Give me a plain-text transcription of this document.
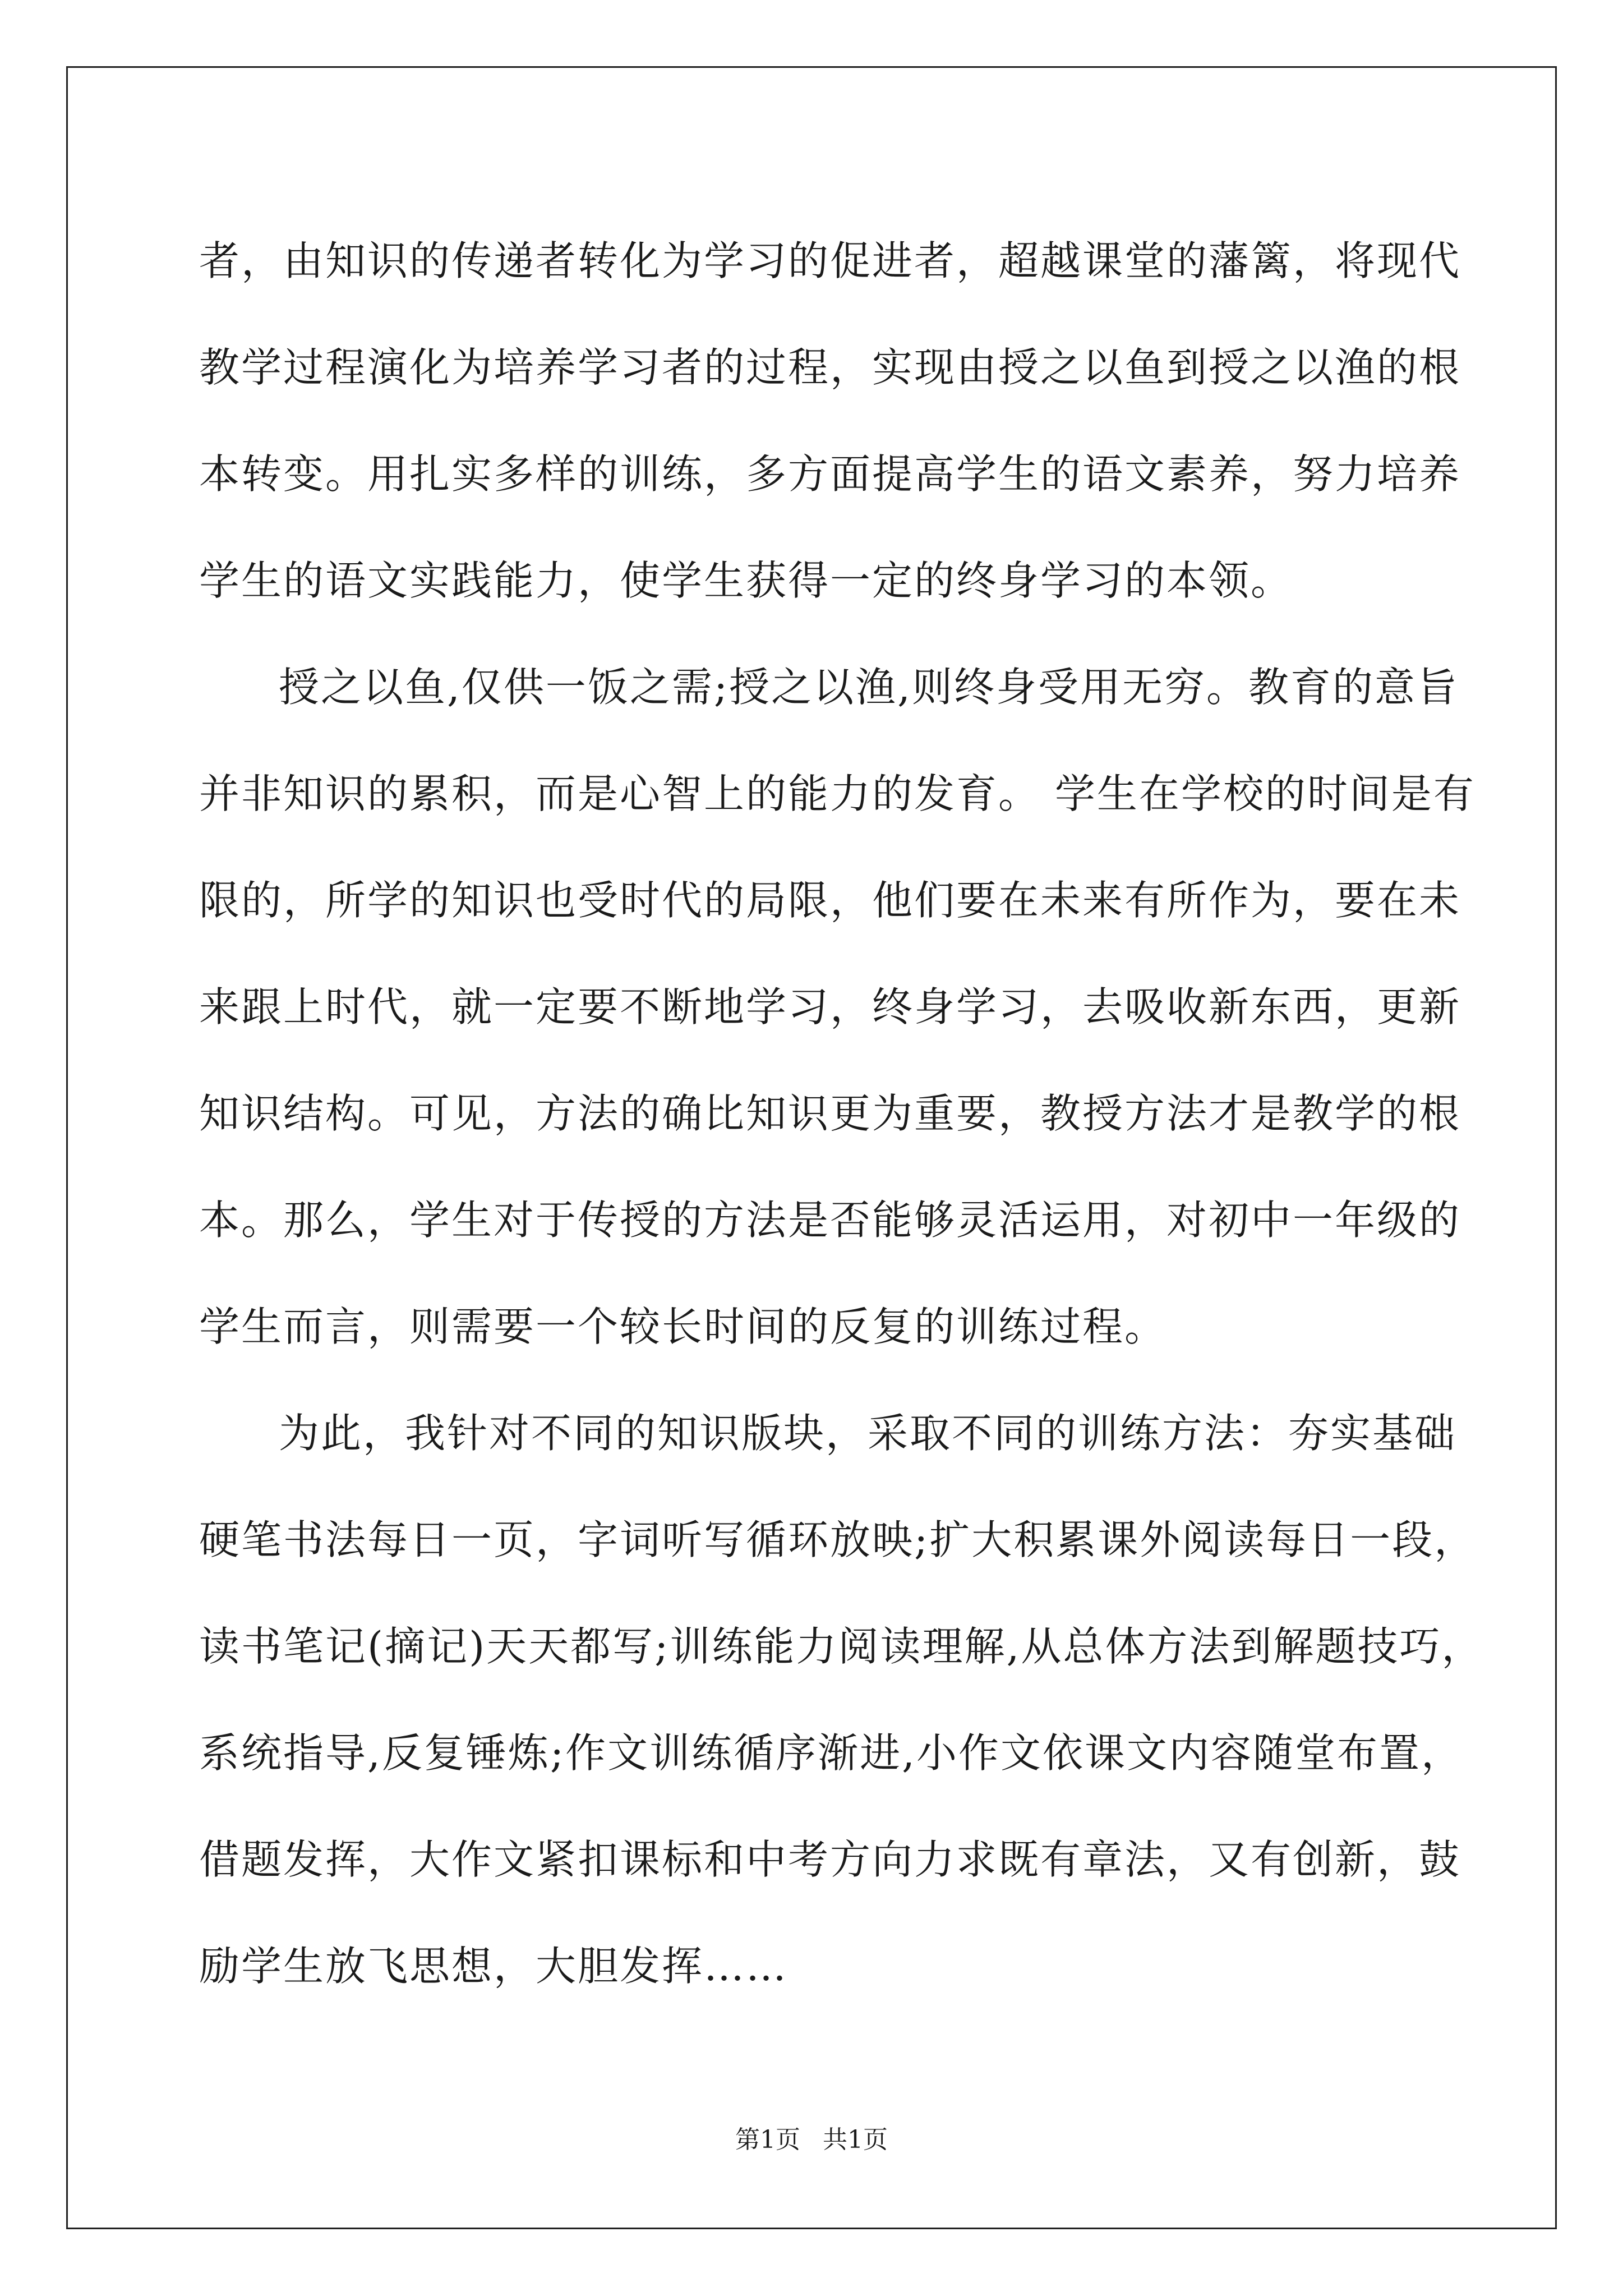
者，由知识的传递者转化为学习的促进者，超越课堂的藩篱，将现代
教学过程演化为培养学习者的过程，实现由授之以鱼到授之以渔的根
本转变。用扎实多样的训练，多方面提高学生的语文素养，努力培养
学生的语文实践能力，使学生获得一定的终身学习的本领。
授之以鱼,仅供一饭之需;授之以渔,则终身受用无穷。教育的意旨
并非知识的累积，而是心智上的能力的发育。 学生在学校的时间是有
限的，所学的知识也受时代的局限，他们要在未来有所作为，要在未
来跟上时代，就一定要不断地学习，终身学习，去吸收新东西，更新
知识结构。可见，方法的确比知识更为重要，教授方法才是教学的根
本。那么，学生对于传授的方法是否能够灵活运用，对初中一年级的
学生而言，则需要一个较长时间的反复的训练过程。
为此，我针对不同的知识版块，采取不同的训练方法：夯实基础
硬笔书法每日一页，字词听写循环放映;扩大积累课外阅读每日一段，
读书笔记(摘记)天天都写;训练能力阅读理解,从总体方法到解题技巧，
系统指导,反复锤炼;作文训练循序渐进,小作文依课文内容随堂布置，
借题发挥，大作文紧扣课标和中考方向力求既有章法，又有创新，鼓
励学生放飞思想，大胆发挥……
第1页 共1页
